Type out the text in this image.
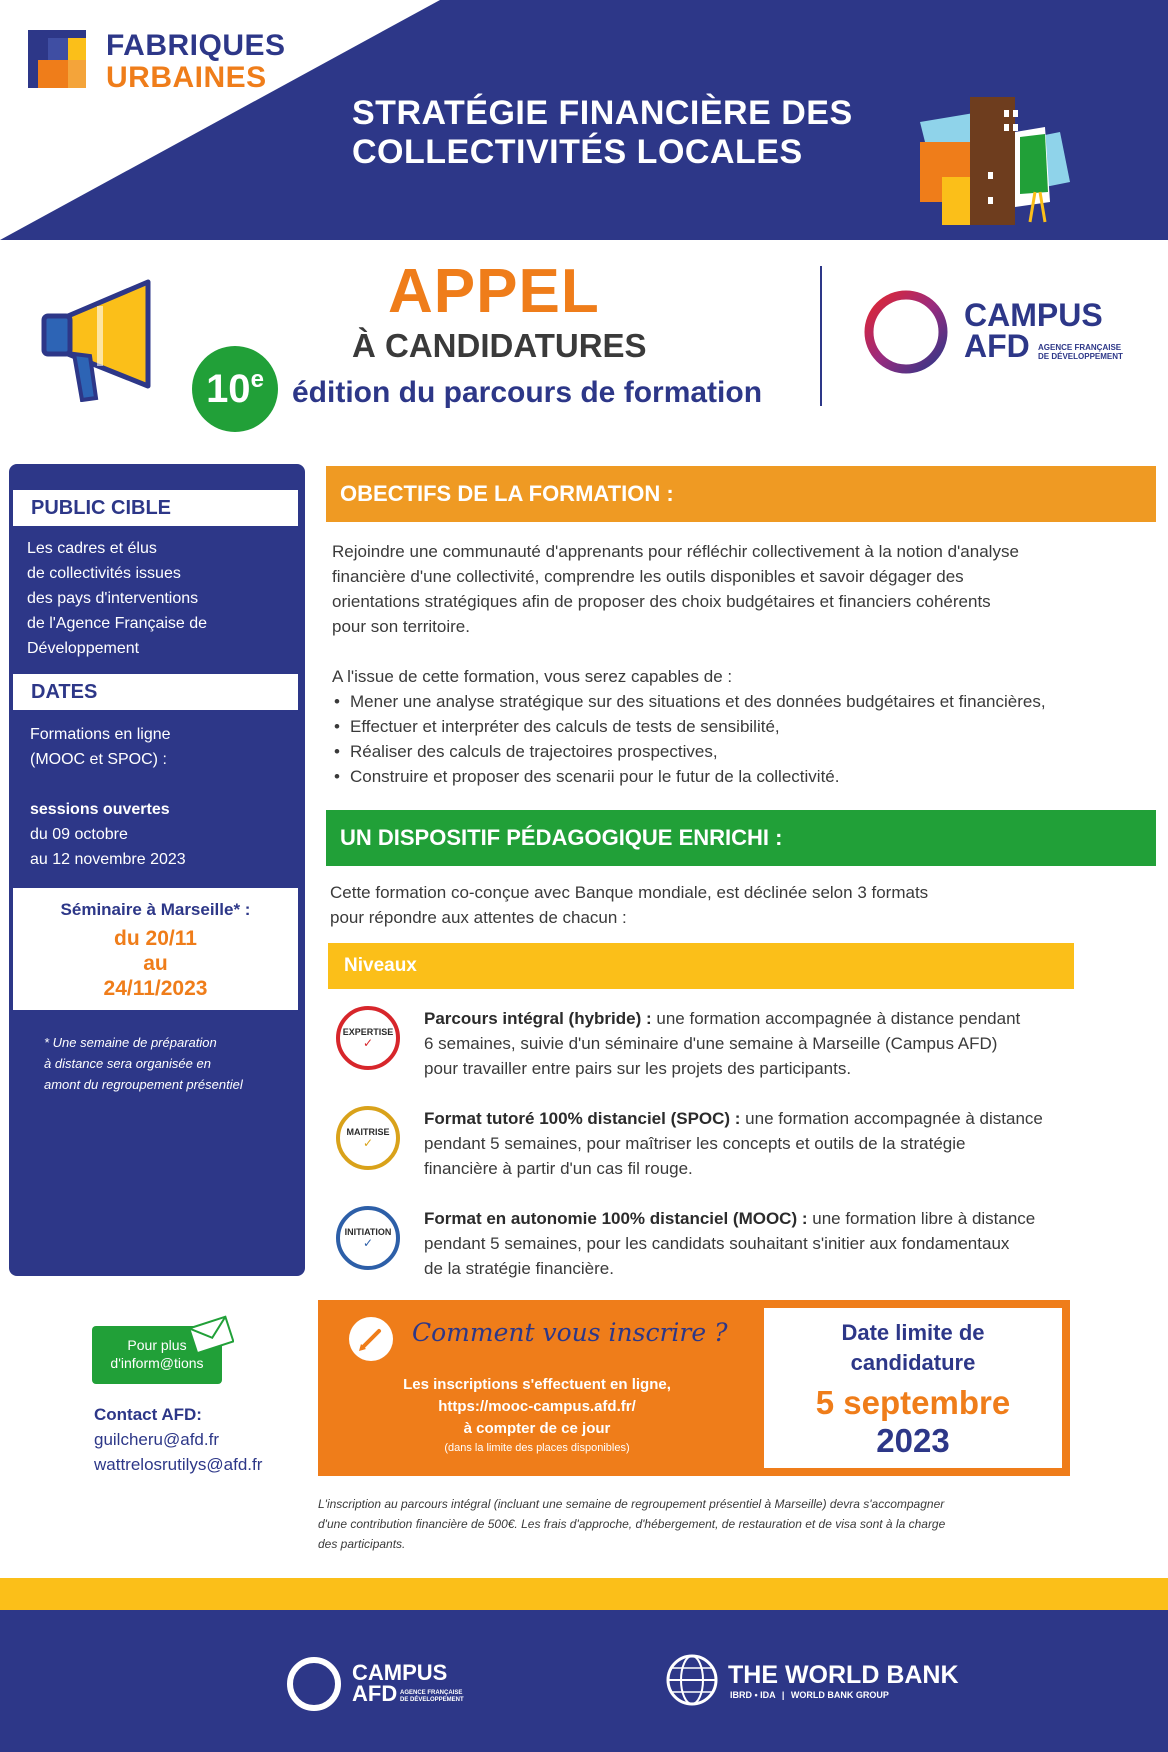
FABRIQUES
URBAINES
STRATÉGIE FINANCIÈRE DES
COLLECTIVITÉS LOCALES
APPEL
À CANDIDATURES
10e édition du parcours de formation
CAMPUS
AFD AGENCE FRANÇAISE
DE DÉVELOPPEMENT
PUBLIC CIBLE
Les cadres et élus
de collectivités issues
des pays d'interventions
de l'Agence Française de
Développement
DATES
Formations en ligne
(MOOC et SPOC) :
sessions ouvertes
du 09 octobre
au 12 novembre 2023
Séminaire à Marseille* :
du 20/11
au
24/11/2023
* Une semaine de préparation
à distance sera organisée en
amont du regroupement présentiel
OBECTIFS DE LA FORMATION :
Rejoindre une communauté d'apprenants pour réfléchir collectivement à la notion d'analyse
financière d'une collectivité, comprendre les outils disponibles et savoir dégager des
orientations stratégiques afin de proposer des choix budgétaires et financiers cohérents
pour son territoire.
A l'issue de cette formation, vous serez capables de :
• Mener une analyse stratégique sur des situations et des données budgétaires et financières,
• Effectuer et interpréter des calculs de tests de sensibilité,
• Réaliser des calculs de trajectoires prospectives,
• Construire et proposer des scenarii pour le futur de la collectivité.
UN DISPOSITIF PÉDAGOGIQUE ENRICHI :
Cette formation co-conçue avec Banque mondiale, est déclinée selon 3 formats
pour répondre aux attentes de chacun :
Niveaux
EXPERTISE
✓
Parcours intégral (hybride) : une formation accompagnée à distance pendant
6 semaines, suivie d'un séminaire d'une semaine à Marseille (Campus AFD)
pour travailler entre pairs sur les projets des participants.
MAITRISE
✓
Format tutoré 100% distanciel (SPOC) : une formation accompagnée à distance
pendant 5 semaines, pour maîtriser les concepts et outils de la stratégie
financière à partir d'un cas fil rouge.
INITIATION
✓
Format en autonomie 100% distanciel (MOOC) : une formation libre à distance
pendant 5 semaines, pour les candidats souhaitant s'initier aux fondamentaux
de la stratégie financière.
Pour plus
d'inform@tions
Contact AFD:
guilcheru@afd.fr
wattrelosrutilys@afd.fr
Comment vous inscrire ?
Les inscriptions s'effectuent en ligne,
https://mooc-campus.afd.fr/
à compter de ce jour
(dans la limite des places disponibles)
Date limite de
candidature
5 septembre
2023
L'inscription au parcours intégral (incluant une semaine de regroupement présentiel à Marseille) devra s'accompagner
d'une contribution financière de 500€. Les frais d'approche, d'hébergement, de restauration et de visa sont à la charge
des participants.
CAMPUS
AFD AGENCE FRANÇAISE
DE DÉVELOPPEMENT
THE WORLD BANK
IBRD • IDA | WORLD BANK GROUP
